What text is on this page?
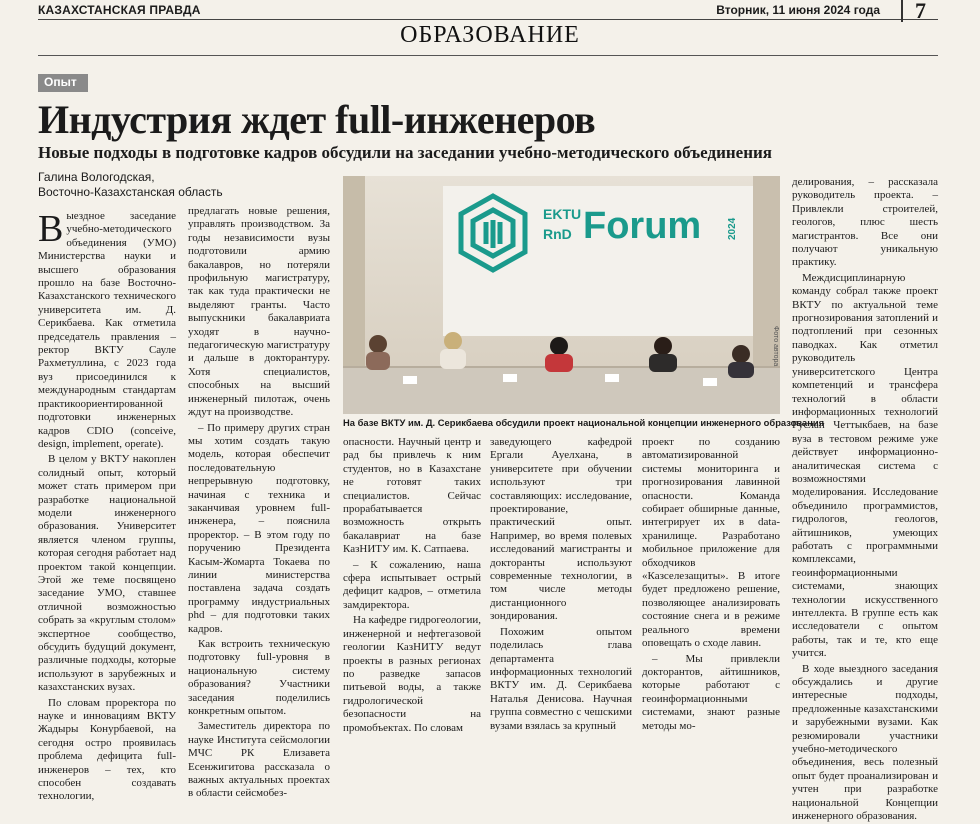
КАЗАХСТАНСКАЯ ПРАВДА	Вторник, 11 июня 2024 года	7
ОБРАЗОВАНИЕ
Опыт
Индустрия ждет full-инженеров
Новые подходы в подготовке кадров обсудили на заседании учебно-методического объединения
Галина Вологодская,
Восточно-Казахстанская область

Выездное заседание учебно-методического объединения (УМО) Министерства науки и высшего образования прошло на базе Восточно-Казахстанского технического университета им. Д. Серикбаева. Как отметила председатель правления – ректор ВКТУ Сауле Рахметуллина, с 2023 года вуз присоединился к международным стандартам практикоориентированной подготовки инженерных кадров CDIO (conceive, design, implement, operate).

В целом у ВКТУ накоплен солидный опыт, который может стать примером при разработке национальной модели инженерного образования. Университет является членом группы, которая сегодня работает над проектом такой концепции. Этой же теме посвящено заседание УМО, ставшее отличной возможностью собрать за «круглым столом» экспертное сообщество, обсудить будущий документ, различные подходы, которые используют в зарубежных и казахстанских вузах.

По словам проректора по науке и инновациям ВКТУ Жадыры Конурбаевой, на сегодня остро проявилась проблема дефицита full-инженеров – тех, кто способен создавать технологии,

предлагать новые решения, управлять производством. За годы независимости вузы подготовили армию бакалавров, но потеряли профильную магистратуру, так как туда практически не выделяют гранты. Часто выпускники бакалавриата уходят в научно-педагогическую магистратуру и дальше в докторантуру. Хотя специалистов, способных на высший инженерный пилотаж, очень ждут на производстве.

– По примеру других стран мы хотим создать такую модель, которая обеспечит последовательную непрерывную подготовку, начиная с техника и заканчивая уровнем full-инженера, – пояснила проректор. – В этом году по поручению Президента Касым-Жомарта Токаева по линии министерства поставлена задача создать программу индустриальных phd – для подготовки таких кадров.

Как встроить техническую подготовку full-уровня в национальную систему образования? Участники заседания поделились конкретным опытом.

Заместитель директора по науке Института сейсмологии МЧС РК Елизавета Есенжигитова рассказала о важных актуальных проектах в области сейсмобез-

EKTU
RnD Forum	2024
Фото автора
На базе ВКТУ им. Д. Серикбаева обсудили проект национальной концепции инженерного образования

опасности. Научный центр и рад бы привлечь к ним студентов, но в Казахстане не готовят таких специалистов. Сейчас прорабатывается возможность открыть бакалавриат на базе КазНИТУ им. К. Сатпаева.

– К сожалению, наша сфера испытывает острый дефицит кадров, – отметила замдиректора.

На кафедре гидрогеологии, инженерной и нефтегазовой геологии КазНИТУ ведут проекты в разных регионах по разведке запасов питьевой воды, а также гидрологической безопасности на промобъектах. По словам

заведующего кафедрой Ергали Ауелхана, в университете при обучении используют три составляющих: исследование, проектирование, практический опыт. Например, во время полевых исследований магистранты и докторанты используют современные технологии, в том числе методы дистанционного зондирования.

Похожим опытом поделилась глава департамента информационных технологий ВКТУ им. Д. Серикбаева Наталья Денисова. Научная группа совместно с чешскими вузами взялась за крупный

проект по созданию автоматизированной системы мониторинга и прогнозирования лавинной опасности. Команда собирает обширные данные, интегрирует их в data-хранилище. Разработано мобильное приложение для обходчиков «Казселезащиты». В итоге будет предложено решение, позволяющее анализировать состояние снега и в режиме реального времени оповещать о сходе лавин.

– Мы привлекли докторантов, айтишников, которые работают с геоинформационными системами, знают разные методы мо-

делирования, – рассказала руководитель проекта. – Привлекли строителей, геологов, плюс шесть магистрантов. Все они получают уникальную практику.

Междисциплинарную команду собрал также проект ВКТУ по актуальной теме прогнозирования затоплений и подтоплений при сезонных паводках. Как отметил руководитель университетского Центра компетенций и трансфера технологий в области информационных технологий Руслан Четтыкбаев, на базе вуза в тестовом режиме уже действует информационно-аналитическая система с возможностями моделирования. Исследование объединило программистов, гидрологов, геологов, айтишников, умеющих работать с программными комплексами, геоинформационными системами, знающих технологии искусственного интеллекта. В группе есть как исследователи с опытом работы, так и те, кто еще учится.

В ходе выездного заседания обсуждались и другие интересные подходы, предложенные казахстанскими и зарубежными вузами. Как резюмировали участники учебно-методического объединения, весь полезный опыт будет проанализирован и учтен при разработке национальной Концепции инженерного образования.
